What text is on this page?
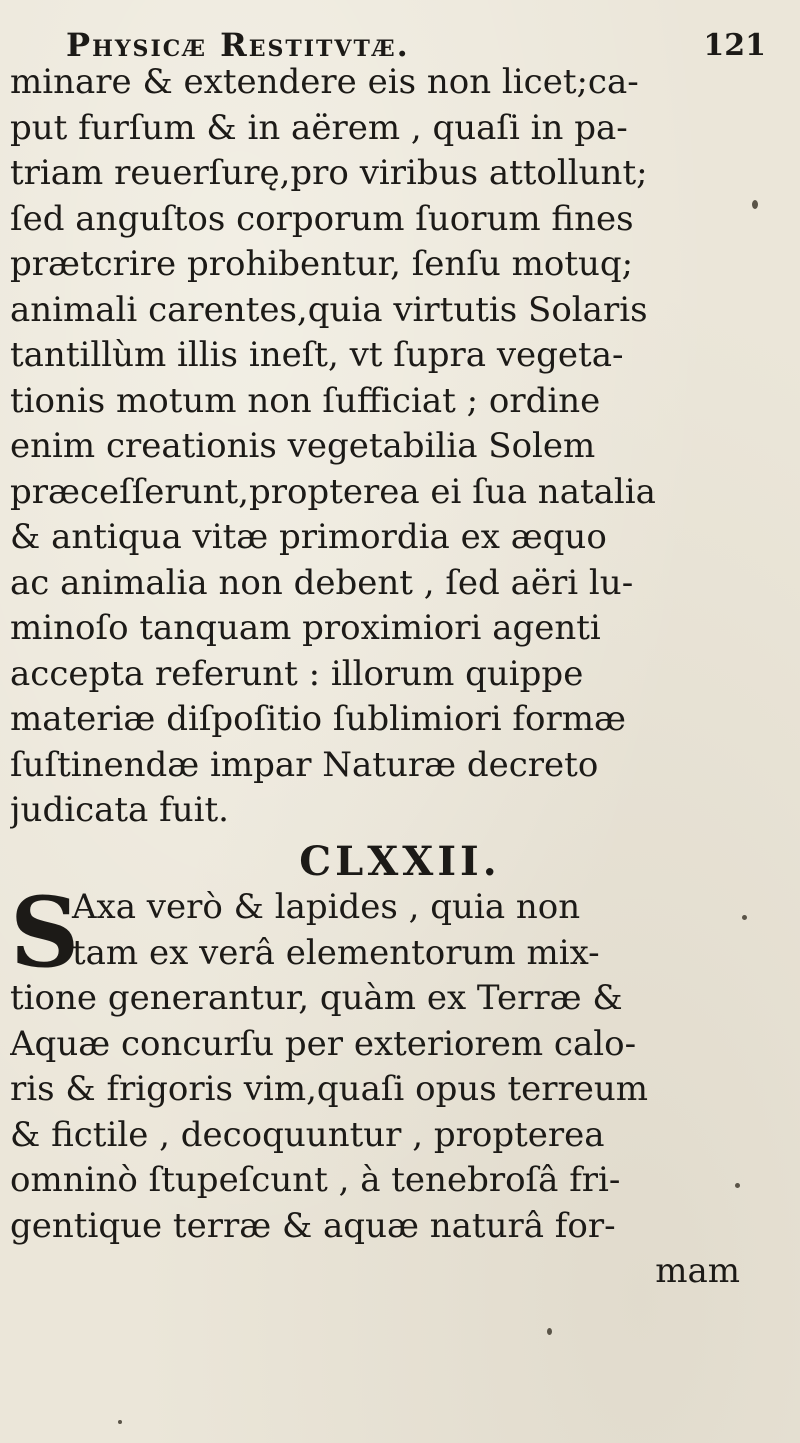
Physicæ Restitvtæ.	121
minare & extendere eis non licet;ca-
put furſum & in aërem , quaſi in pa-
triam reuerſurę,pro viribus attollunt;
ſed anguſtos corporum ſuorum fines
prætcrire prohibentur, ſenſu motuq;
animali carentes,quia virtutis Solaris
tantillùm illis ineſt, vt ſupra vegeta-
tionis motum non ſufficiat ; ordine
enim creationis vegetabilia Solem
præceſſerunt,propterea ei ſua natalia
& antiqua vitæ primordia ex æquo
ac animalia non debent , ſed aëri lu-
minoſo tanquam proximiori agenti
accepta referunt : illorum quippe
materiæ diſpoſitio ſublimiori formæ
ſuſtinendæ impar Naturæ decreto
judicata fuit.
CLXXII.
S
Axa verò & lapides , quia non
tam ex verâ elementorum mix-
tione generantur, quàm ex Terræ &
Aquæ concurſu per exteriorem calo-
ris & frigoris vim,quaſi opus terreum
& fictile , decoquuntur , propterea
omninò ſtupeſcunt , à tenebroſâ fri-
gentique terræ & aquæ naturâ for-
mam
